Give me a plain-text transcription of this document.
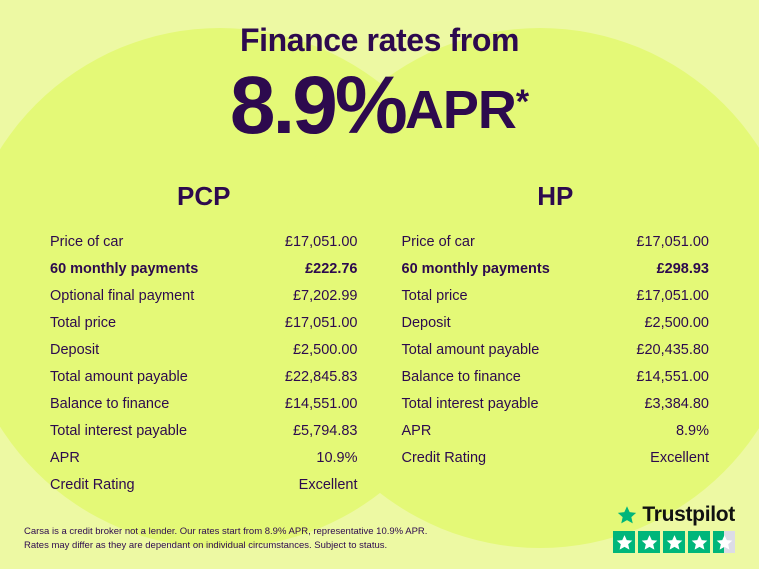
Finance rates from
8.9%APR*
PCP
Price of car	£17,051.00
60 monthly payments	£222.76
Optional final payment	£7,202.99
Total price	£17,051.00
Deposit	£2,500.00
Total amount payable	£22,845.83
Balance to finance	£14,551.00
Total interest payable	£5,794.83
APR	10.9%
Credit Rating	Excellent
HP
Price of car	£17,051.00
60 monthly payments	£298.93
Total price	£17,051.00
Deposit	£2,500.00
Total amount payable	£20,435.80
Balance to finance	£14,551.00
Total interest payable	£3,384.80
APR	8.9%
Credit Rating	Excellent
Carsa is a credit broker not a lender. Our rates start from 8.9% APR, representative 10.9% APR. Rates may differ as they are dependant on individual circumstances. Subject to status.
Trustpilot
